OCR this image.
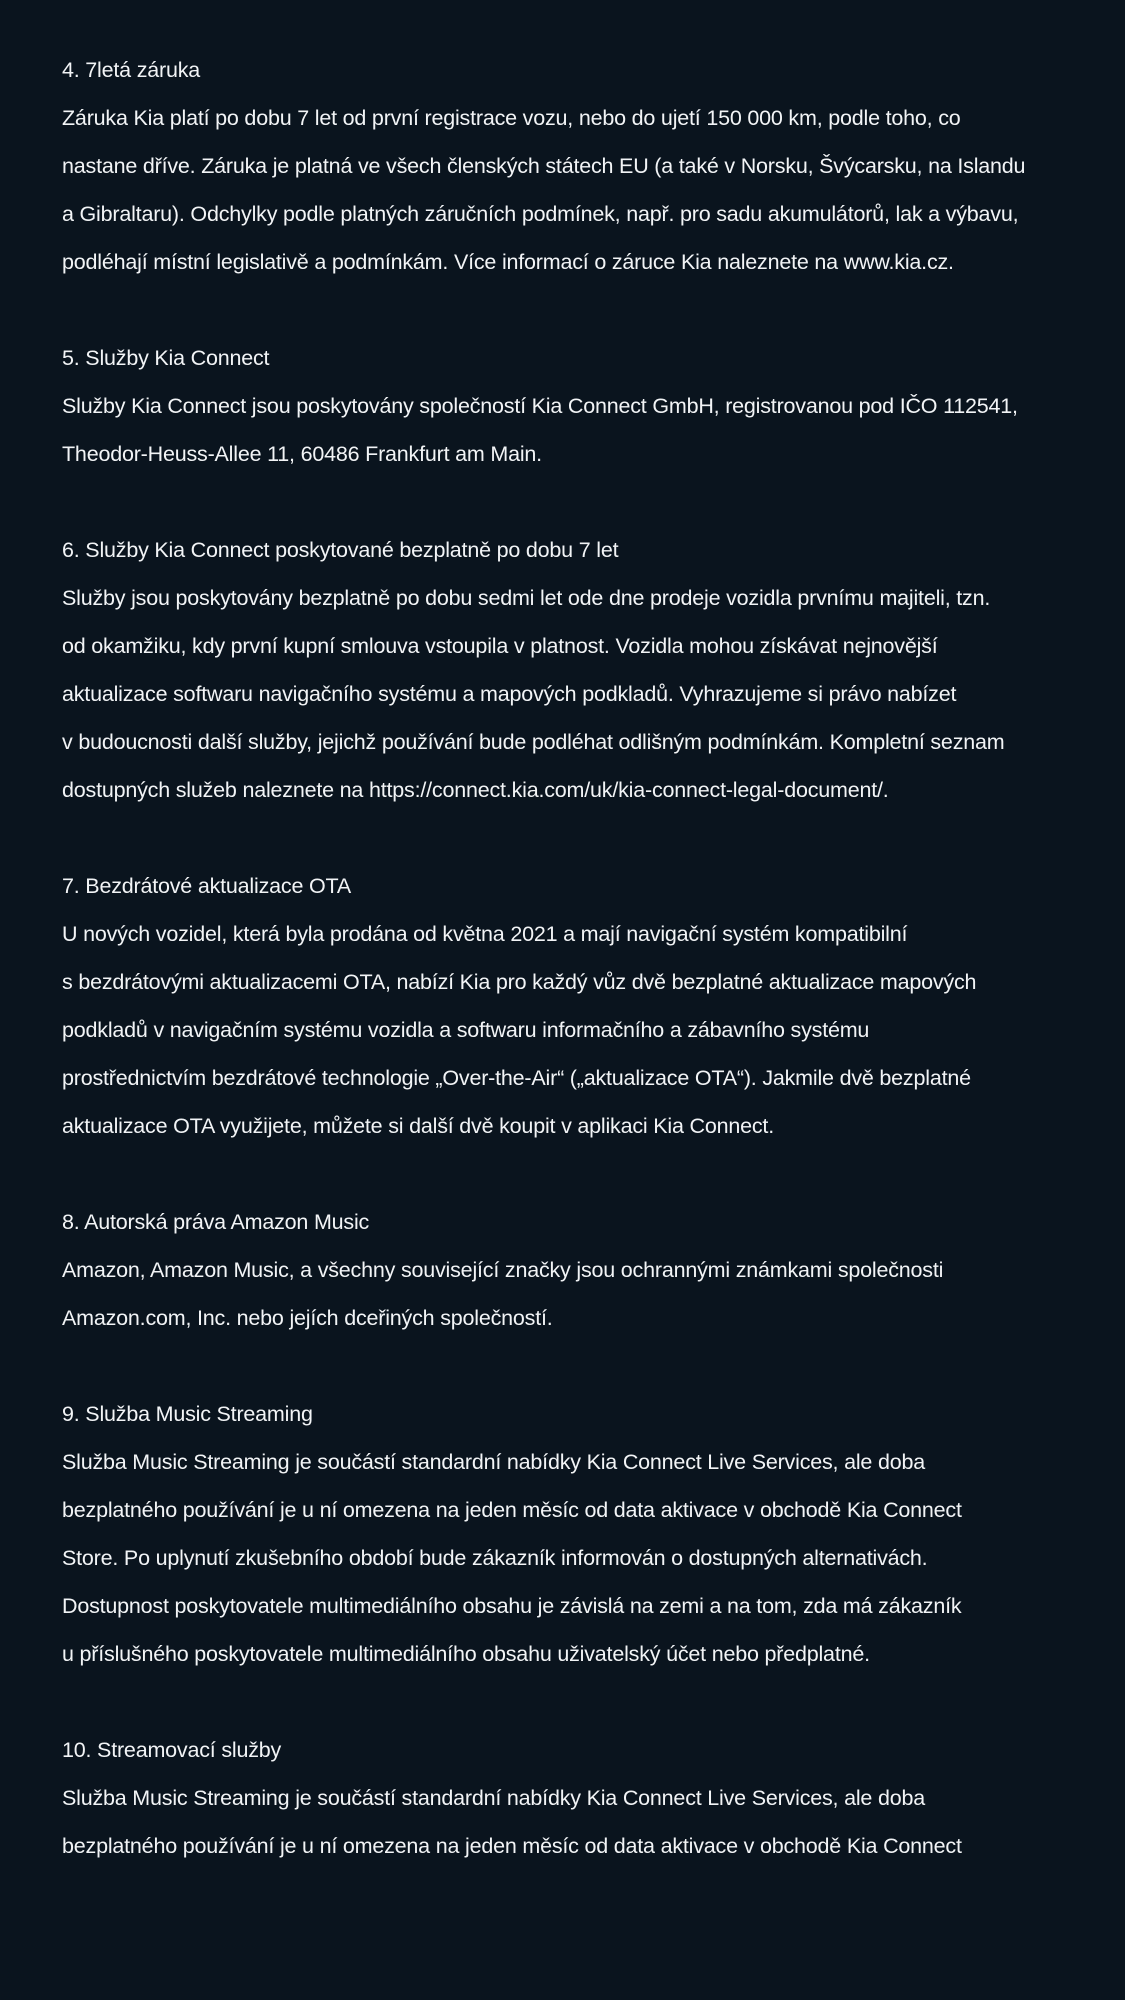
4. 7letá záruka
Záruka Kia platí po dobu 7 let od první registrace vozu, nebo do ujetí 150 000 km, podle toho, co
nastane dříve. Záruka je platná ve všech členských státech EU (a také v Norsku, Švýcarsku, na Islandu
a Gibraltaru). Odchylky podle platných záručních podmínek, např. pro sadu akumulátorů, lak a výbavu,
podléhají místní legislativě a podmínkám. Více informací o záruce Kia naleznete na www.kia.cz.
5. Služby Kia Connect
Služby Kia Connect jsou poskytovány společností Kia Connect GmbH, registrovanou pod IČO 112541,
Theodor-Heuss-Allee 11, 60486 Frankfurt am Main.
6. Služby Kia Connect poskytované bezplatně po dobu 7 let
Služby jsou poskytovány bezplatně po dobu sedmi let ode dne prodeje vozidla prvnímu majiteli, tzn.
od okamžiku, kdy první kupní smlouva vstoupila v platnost. Vozidla mohou získávat nejnovější
aktualizace softwaru navigačního systému a mapových podkladů. Vyhrazujeme si právo nabízet
v budoucnosti další služby, jejichž používání bude podléhat odlišným podmínkám. Kompletní seznam
dostupných služeb naleznete na https://connect.kia.com/uk/kia-connect-legal-document/.
7. Bezdrátové aktualizace OTA
U nových vozidel, která byla prodána od května 2021 a mají navigační systém kompatibilní
s bezdrátovými aktualizacemi OTA, nabízí Kia pro každý vůz dvě bezplatné aktualizace mapových
podkladů v navigačním systému vozidla a softwaru informačního a zábavního systému
prostřednictvím bezdrátové technologie „Over-the-Air“ („aktualizace OTA“). Jakmile dvě bezplatné
aktualizace OTA využijete, můžete si další dvě koupit v aplikaci Kia Connect.
8. Autorská práva Amazon Music
Amazon, Amazon Music, a všechny související značky jsou ochrannými známkami společnosti
Amazon.com, Inc. nebo jejích dceřiných společností.
9. Služba Music Streaming
Služba Music Streaming je součástí standardní nabídky Kia Connect Live Services, ale doba
bezplatného používání je u ní omezena na jeden měsíc od data aktivace v obchodě Kia Connect
Store. Po uplynutí zkušebního období bude zákazník informován o dostupných alternativách.
Dostupnost poskytovatele multimediálního obsahu je závislá na zemi a na tom, zda má zákazník
u příslušného poskytovatele multimediálního obsahu uživatelský účet nebo předplatné.
10. Streamovací služby
Služba Music Streaming je součástí standardní nabídky Kia Connect Live Services, ale doba
bezplatného používání je u ní omezena na jeden měsíc od data aktivace v obchodě Kia Connect
